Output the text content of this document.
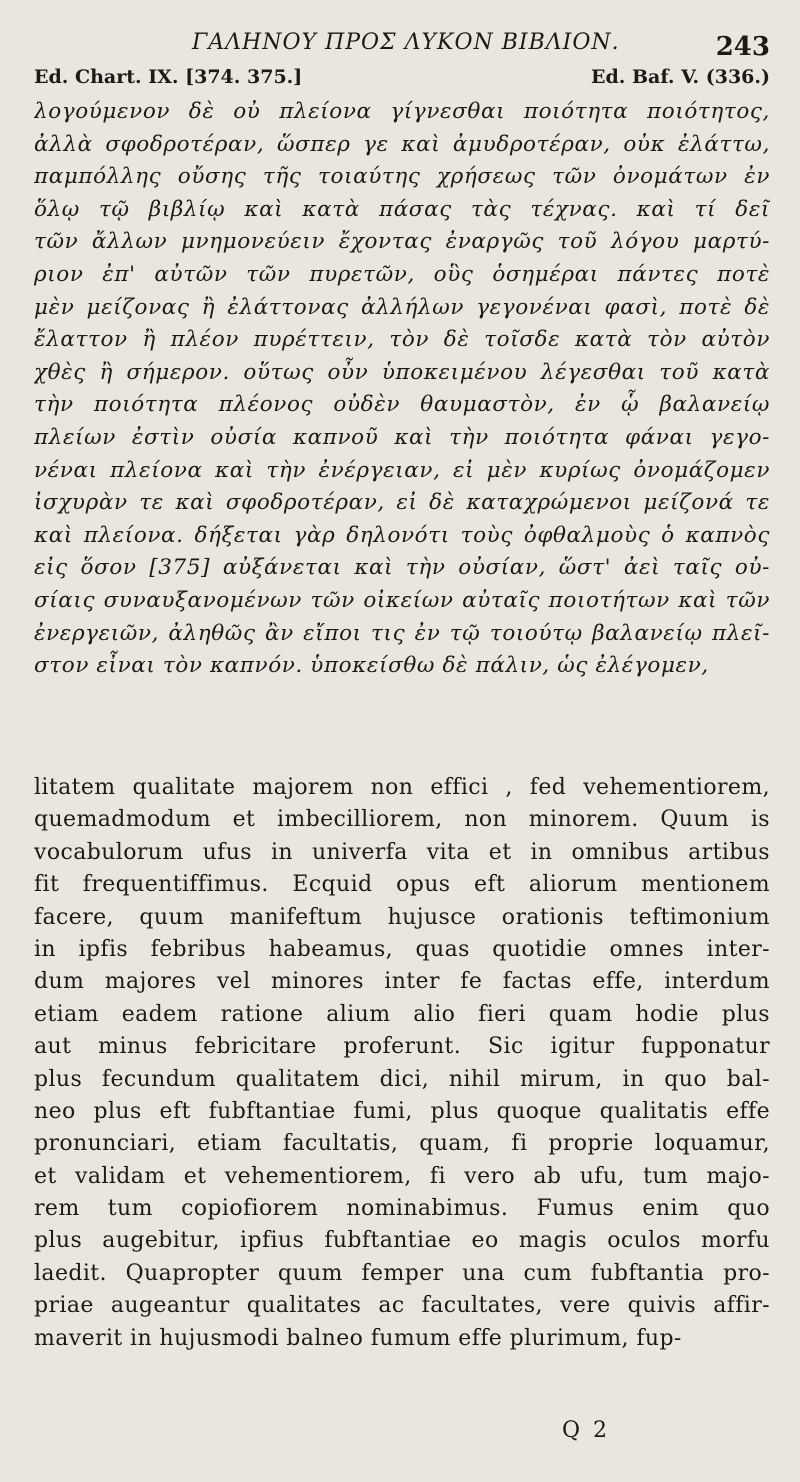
ΓΑΛΗΝΟΥ ΠΡΟΣ ΛΥΚΟΝ ΒΙΒΛΙΟΝ.	243
Ed. Chart. IX. [374. 375.]	Ed. Baf. V. (336.)
λογούμενον δὲ οὐ πλείονα γίγνεσθαι ποιότητα ποιότητος,
ἀλλὰ σφοδροτέραν, ὥσπερ γε καὶ ἀμυδροτέραν, οὐκ ἐλάττω,
παμπόλλης οὔσης τῆς τοιαύτης χρήσεως τῶν ὀνομάτων ἐν
ὅλῳ τῷ βιβλίῳ καὶ κατὰ πάσας τὰς τέχνας. καὶ τί δεῖ
τῶν ἄλλων μνημονεύειν ἔχοντας ἐναργῶς τοῦ λόγου μαρτύ-
ριον ἐπ' αὐτῶν τῶν πυρετῶν, οὓς ὁσημέραι πάντες ποτὲ
μὲν μείζονας ἢ ἐλάττονας ἀλλήλων γεγονέναι φασὶ, ποτὲ δὲ
ἔλαττον ἢ πλέον πυρέττειν, τὸν δὲ τοῖσδε κατὰ τὸν αὐτὸν
χθὲς ἢ σήμερον. οὕτως οὖν ὑποκειμένου λέγεσθαι τοῦ κατὰ
τὴν ποιότητα πλέονος οὐδὲν θαυμαστὸν, ἐν ᾧ βαλανείῳ
πλείων ἐστὶν οὐσία καπνοῦ καὶ τὴν ποιότητα φάναι γεγο-
νέναι πλείονα καὶ τὴν ἐνέργειαν, εἰ μὲν κυρίως ὀνομάζομεν
ἰσχυρὰν τε καὶ σφοδροτέραν, εἰ δὲ καταχρώμενοι μείζονά τε
καὶ πλείονα. δήξεται γὰρ δηλονότι τοὺς ὀφθαλμοὺς ὁ καπνὸς
εἰς ὅσον [375] αὐξάνεται καὶ τὴν οὐσίαν, ὥστ' ἀεὶ ταῖς οὐ-
σίαις συναυξανομένων τῶν οἰκείων αὐταῖς ποιοτήτων καὶ τῶν
ἐνεργειῶν, ἀληθῶς ἂν εἴποι τις ἐν τῷ τοιούτῳ βαλανείῳ πλεῖ-
στον εἶναι τὸν καπνόν. ὑποκείσθω δὲ πάλιν, ὡς ἐλέγομεν,
litatem qualitate majorem non effici , fed vehementiorem,
quemadmodum et imbecilliorem, non minorem. Quum is
vocabulorum ufus in univerfa vita et in omnibus artibus
fit frequentiffimus. Ecquid opus eft aliorum mentionem
facere, quum manifeftum hujusce orationis teftimonium
in ipfis febribus habeamus, quas quotidie omnes inter-
dum majores vel minores inter fe factas effe, interdum
etiam eadem ratione alium alio fieri quam hodie plus
aut minus febricitare proferunt. Sic igitur fupponatur
plus fecundum qualitatem dici, nihil mirum, in quo bal-
neo plus eft fubftantiae fumi, plus quoque qualitatis effe
pronunciari, etiam facultatis, quam, fi proprie loquamur,
et validam et vehementiorem, fi vero ab ufu, tum majo-
rem tum copiofiorem nominabimus. Fumus enim quo
plus augebitur, ipfius fubftantiae eo magis oculos morfu
laedit. Quapropter quum femper una cum fubftantia pro-
priae augeantur qualitates ac facultates, vere quivis affir-
maverit in hujusmodi balneo fumum effe plurimum, fup-
Q 2
